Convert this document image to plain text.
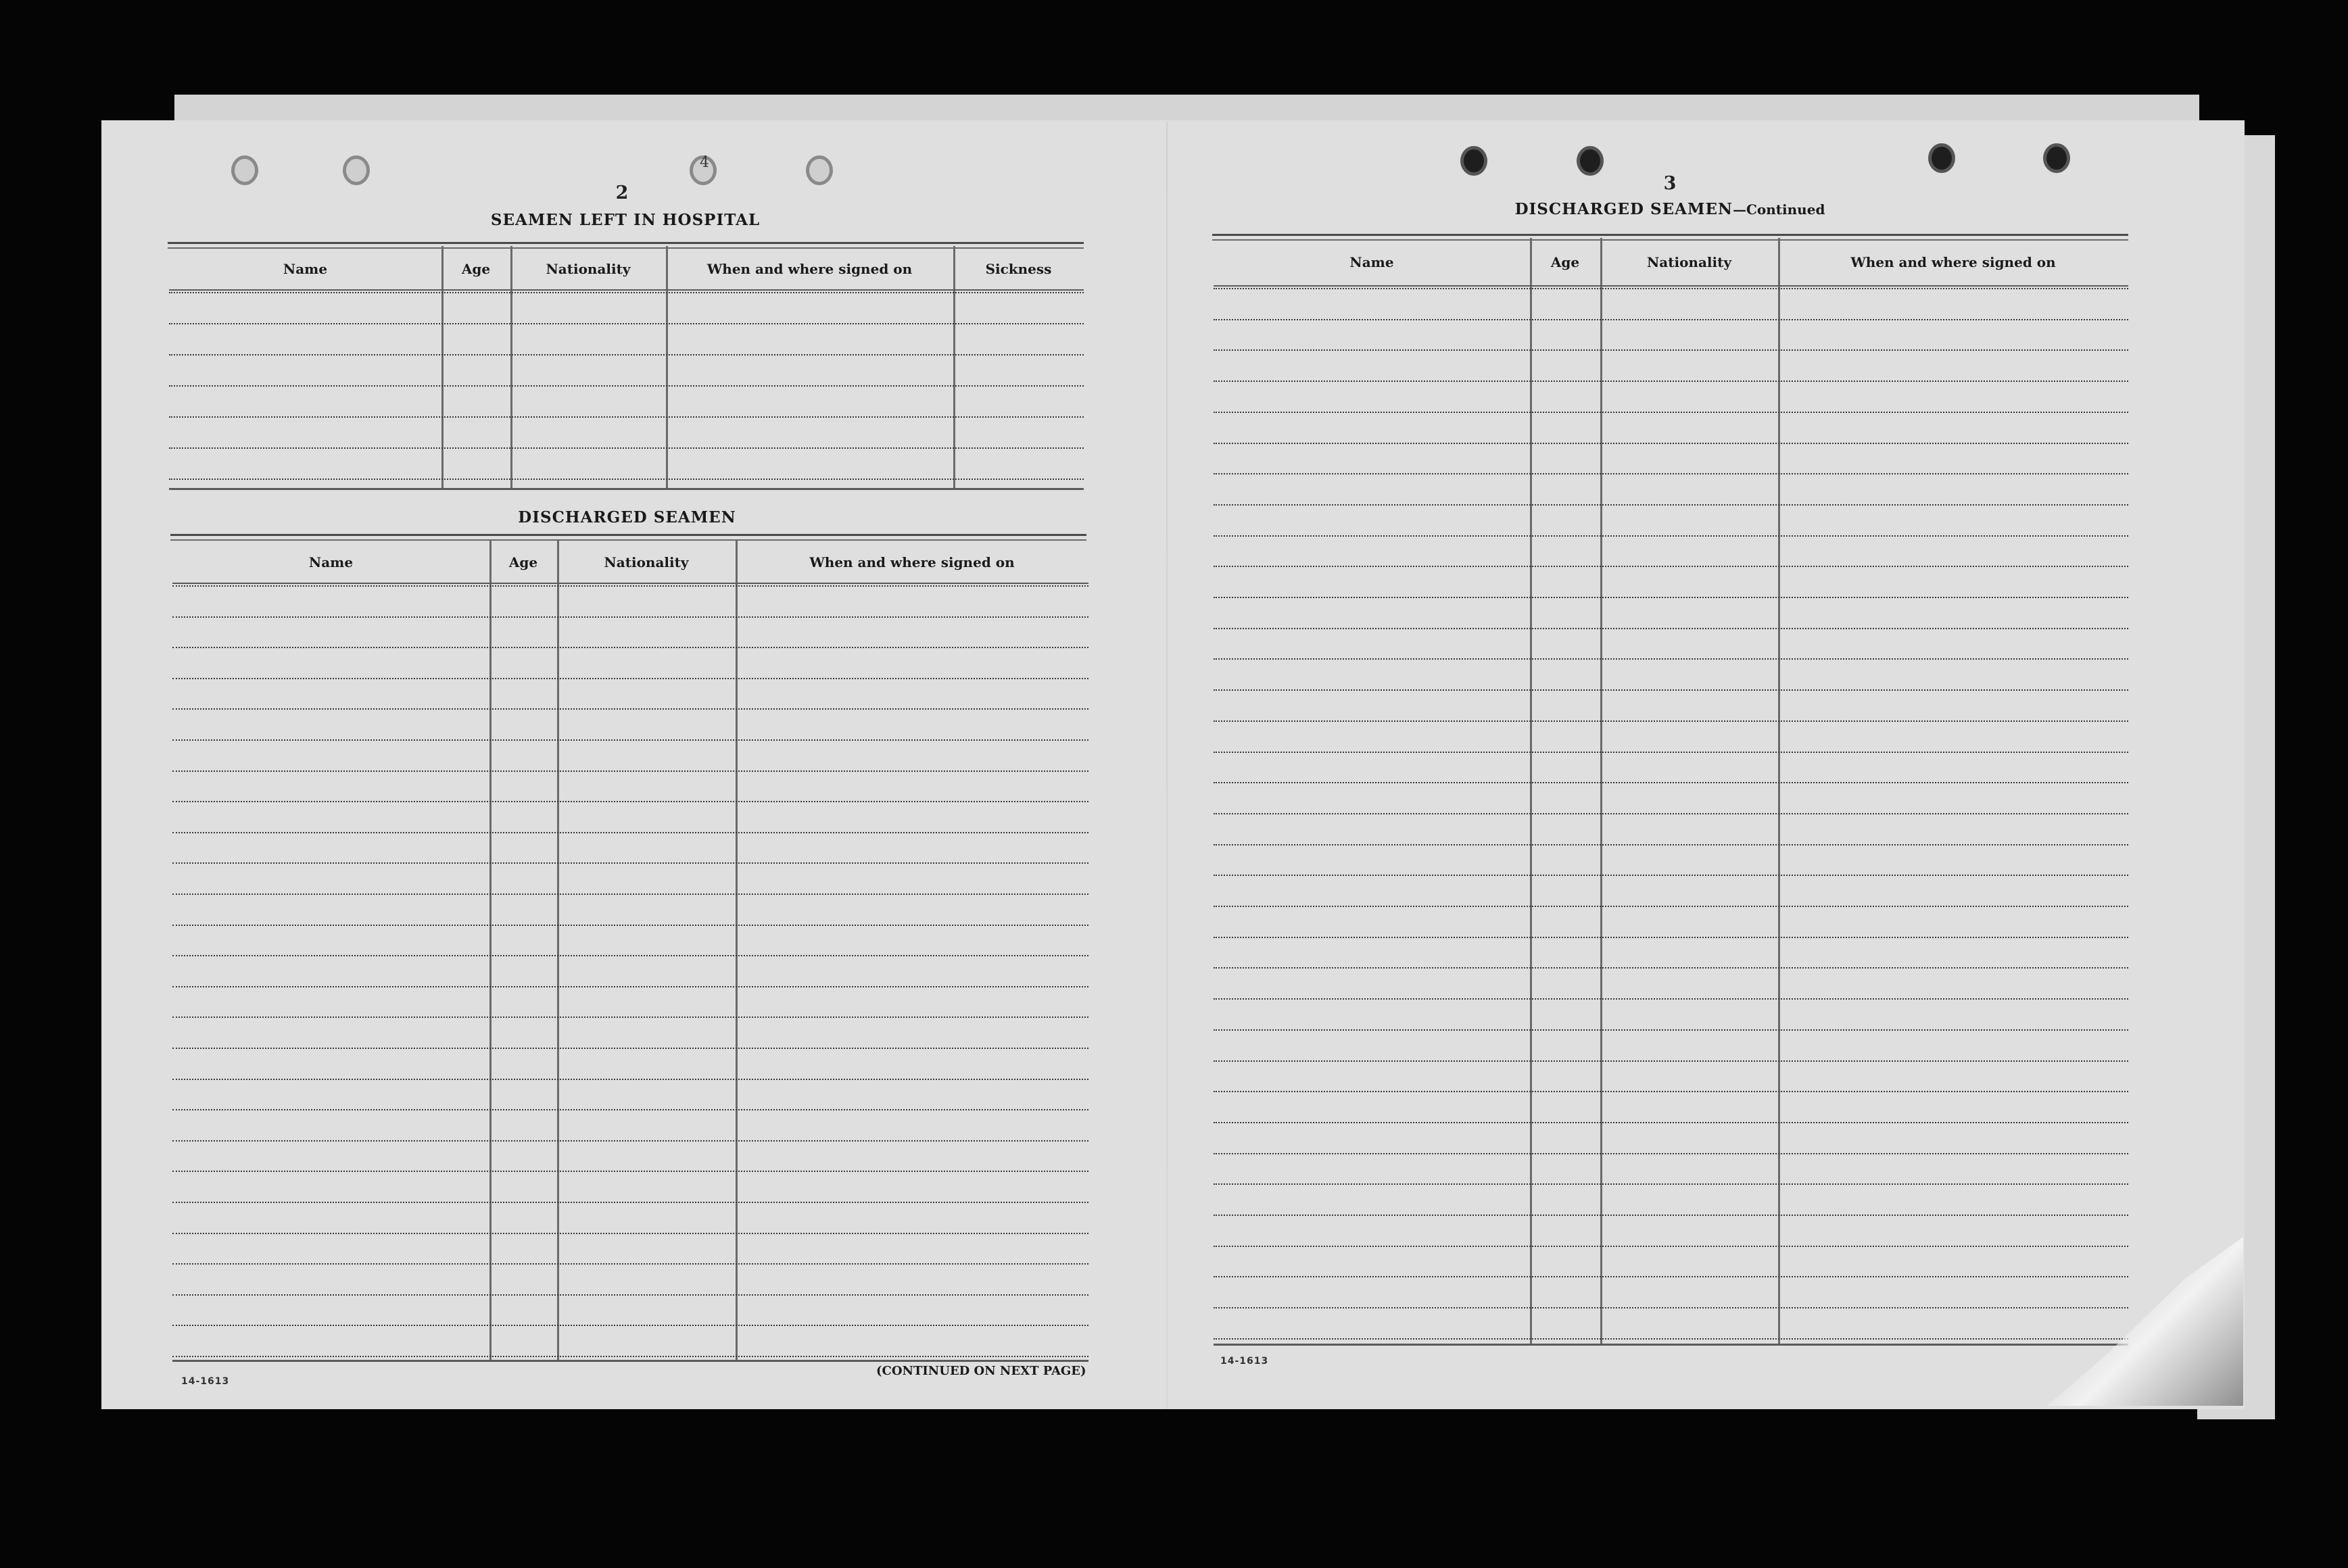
2
4
SEAMEN LEFT IN HOSPITAL
Name	Age	Nationality	When and where signed on	Sickness
DISCHARGED SEAMEN
Name	Age	Nationality	When and where signed on
14-1613
(CONTINUED ON NEXT PAGE)
3
DISCHARGED SEAMEN—Continued
Name	Age	Nationality	When and where signed on
14-1613
